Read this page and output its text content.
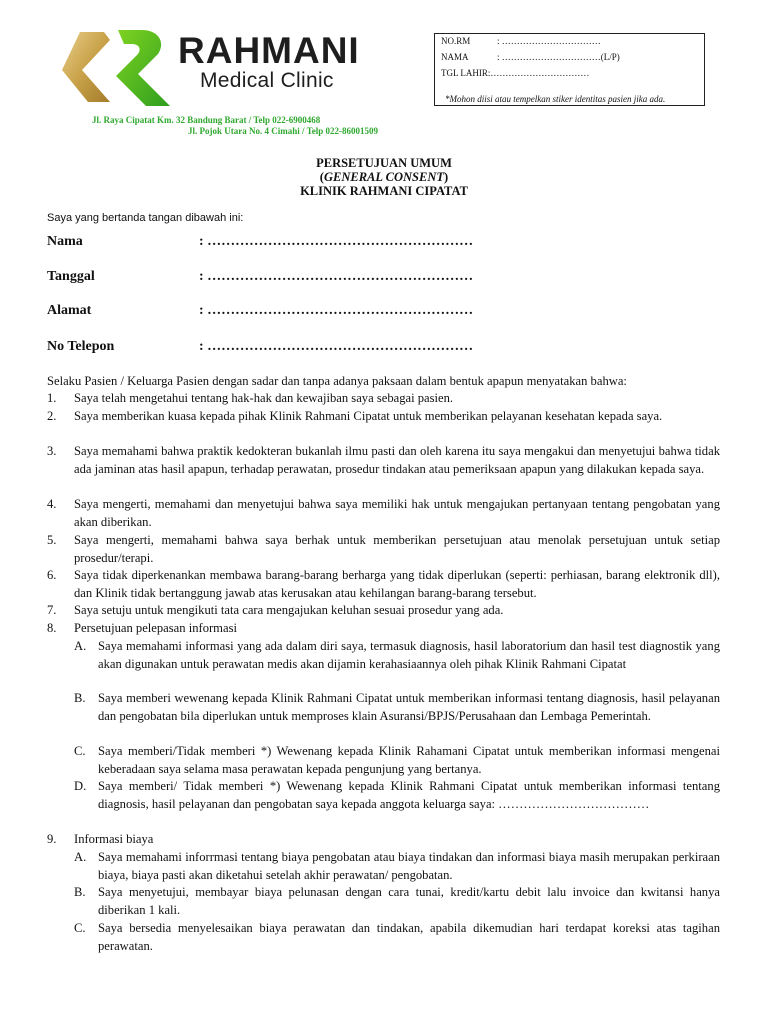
RAHMANI
Medical Clinic
Jl. Raya Cipatat Km. 32 Bandung Barat / Telp 022-6900468
Jl. Pojok Utara No. 4 Cimahi / Telp 022-86001509
NO.RM	: ……………………………
NAMA	: ……………………………(L/P)
TGL LAHIR:……………………………
*Mohon diisi atau tempelkan stiker identitas pasien jika ada.
PERSETUJUAN UMUM
(GENERAL CONSENT)
KLINIK RAHMANI CIPATAT
Saya yang bertanda tangan dibawah ini:
Nama	: …………………………………………………
Tanggal	: …………………………………………………
Alamat	: …………………………………………………
No Telepon	: …………………………………………………
Selaku Pasien / Keluarga Pasien dengan sadar dan tanpa adanya paksaan dalam bentuk apapun menyatakan bahwa:
1.	Saya telah mengetahui tentang hak-hak dan kewajiban saya sebagai pasien.
2.	Saya memberikan kuasa kepada pihak Klinik Rahmani Cipatat untuk memberikan pelayanan kesehatan kepada saya.
3.	Saya memahami bahwa praktik kedokteran bukanlah ilmu pasti dan oleh karena itu saya mengakui dan menyetujui bahwa tidak ada jaminan atas hasil apapun, terhadap perawatan, prosedur tindakan atau pemeriksaan apapun yang dilakukan kepada saya.
4.	Saya mengerti, memahami dan menyetujui bahwa saya memiliki hak untuk mengajukan pertanyaan tentang pengobatan yang akan diberikan.
5.	Saya mengerti, memahami bahwa saya berhak untuk memberikan persetujuan atau menolak persetujuan untuk setiap prosedur/terapi.
6.	Saya tidak diperkenankan membawa barang-barang berharga yang tidak diperlukan (seperti: perhiasan, barang elektronik dll), dan Klinik tidak bertanggung jawab atas kerusakan atau kehilangan barang-barang tersebut.
7.	Saya setuju untuk mengikuti tata cara mengajukan keluhan sesuai prosedur yang ada.
8.	Persetujuan pelepasan informasi
A. Saya memahami informasi yang ada dalam diri saya, termasuk diagnosis, hasil laboratorium dan hasil test diagnostik yang akan digunakan untuk perawatan medis akan dijamin kerahasiaannya oleh pihak Klinik Rahmani Cipatat
B. Saya memberi wewenang kepada Klinik Rahmani Cipatat untuk memberikan informasi tentang diagnosis, hasil pelayanan dan pengobatan bila diperlukan untuk memproses klain Asuransi/BPJS/Perusahaan dan Lembaga Pemerintah.
C. Saya memberi/Tidak memberi *) Wewenang kepada Klinik Rahamani Cipatat untuk memberikan informasi mengenai keberadaan saya selama masa perawatan kepada pengunjung yang bertanya.
D. Saya memberi/ Tidak memberi *) Wewenang kepada Klinik Rahmani Cipatat untuk memberikan informasi tentang diagnosis, hasil pelayanan dan pengobatan saya kepada anggota keluarga saya: ………………………………
9.	Informasi biaya
A. Saya memahami inforrmasi tentang biaya pengobatan atau biaya tindakan dan informasi biaya masih merupakan perkiraan biaya, biaya pasti akan diketahui setelah akhir perawatan/ pengobatan.
B. Saya menyetujui, membayar biaya pelunasan dengan cara tunai, kredit/kartu debit lalu invoice dan kwitansi hanya diberikan 1 kali.
C. Saya bersedia menyelesaikan biaya perawatan dan tindakan, apabila dikemudian hari terdapat koreksi atas tagihan perawatan.
